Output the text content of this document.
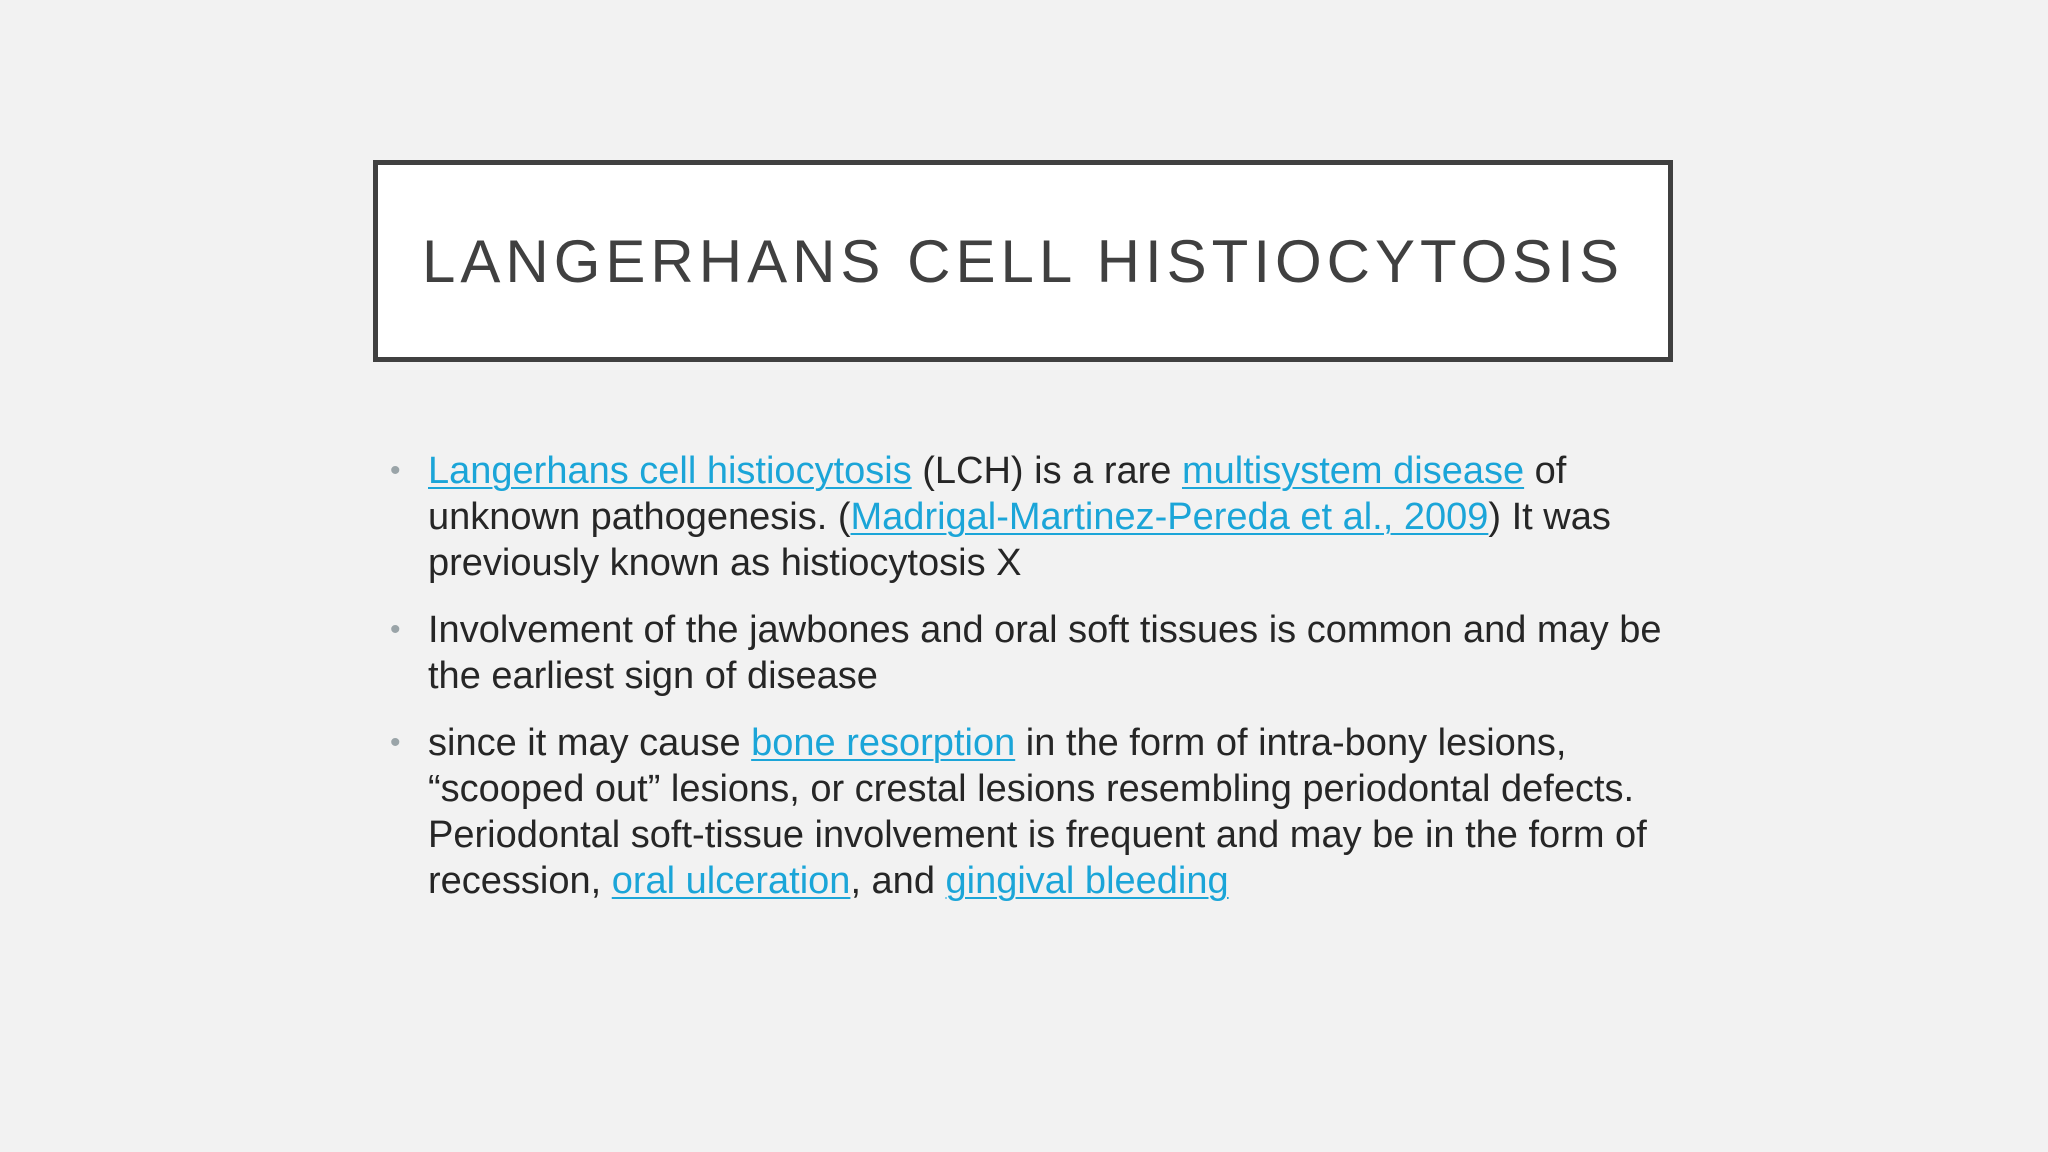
LANGERHANS CELL HISTIOCYTOSIS
• Langerhans cell histiocytosis (LCH) is a rare multisystem disease of unknown pathogenesis. (Madrigal-Martinez-Pereda et al., 2009) It was previously known as histiocytosis X
• Involvement of the jawbones and oral soft tissues is common and may be the earliest sign of disease
• since it may cause bone resorption in the form of intra-bony lesions, “scooped out” lesions, or crestal lesions resembling periodontal defects. Periodontal soft-tissue involvement is frequent and may be in the form of recession, oral ulceration, and gingival bleeding
